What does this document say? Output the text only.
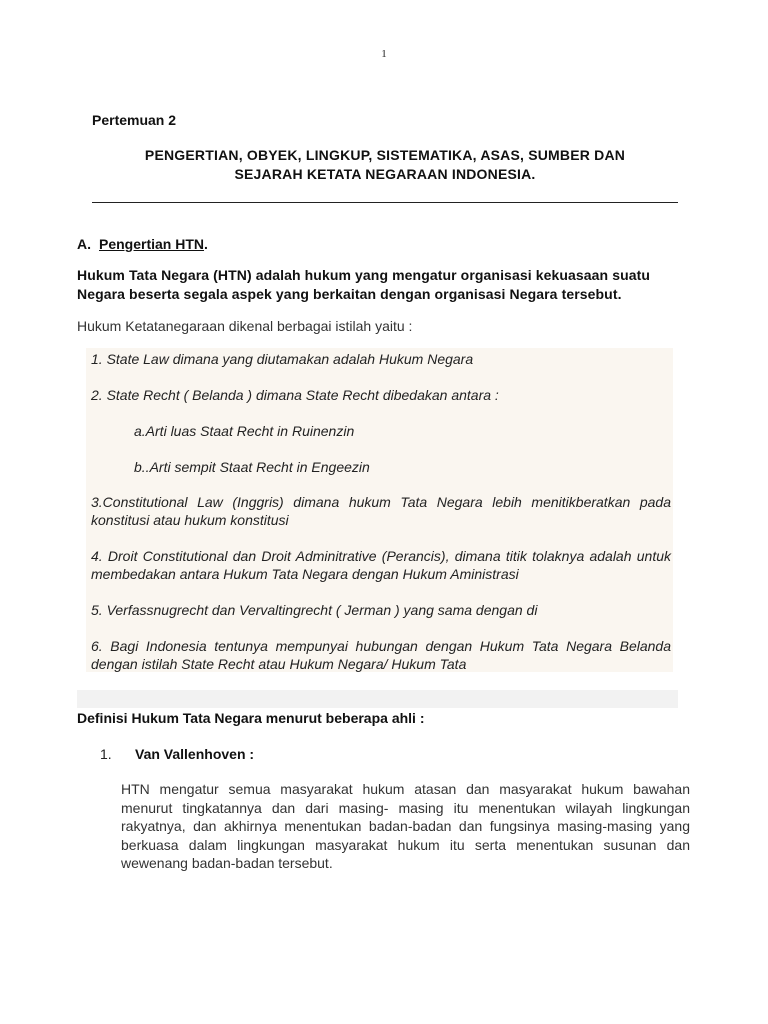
1
Pertemuan 2
PENGERTIAN, OBYEK, LINGKUP, SISTEMATIKA, ASAS, SUMBER DAN
SEJARAH KETATA NEGARAAN INDONESIA.
A. Pengertian HTN.
Hukum Tata Negara (HTN) adalah hukum yang mengatur organisasi kekuasaan suatu
Negara beserta segala aspek yang berkaitan dengan organisasi Negara tersebut.
Hukum Ketatanegaraan dikenal berbagai istilah yaitu :
1. State Law dimana yang diutamakan adalah Hukum Negara
2. State Recht ( Belanda ) dimana State Recht dibedakan antara :
a.Arti luas Staat Recht in Ruinenzin
b..Arti sempit Staat Recht in Engeezin
3.Constitutional Law (Inggris) dimana hukum Tata Negara lebih menitikberatkan pada konstitusi atau hukum konstitusi
4. Droit Constitutional dan Droit Adminitrative (Perancis), dimana titik tolaknya adalah untuk membedakan antara Hukum Tata Negara dengan Hukum Aministrasi
5. Verfassnugrecht dan Vervaltingrecht ( Jerman ) yang sama dengan di
6. Bagi Indonesia tentunya mempunyai hubungan dengan Hukum Tata Negara Belanda dengan istilah State Recht atau Hukum Negara/ Hukum Tata
Definisi Hukum Tata Negara menurut beberapa ahli :
1. Van Vallenhoven :
HTN mengatur semua masyarakat hukum atasan dan masyarakat hukum bawahan menurut tingkatannya dan dari masing- masing itu menentukan wilayah lingkungan rakyatnya, dan akhirnya menentukan badan-badan dan fungsinya masing-masing yang berkuasa dalam lingkungan masyarakat hukum itu serta menentukan susunan dan wewenang badan-badan tersebut.
